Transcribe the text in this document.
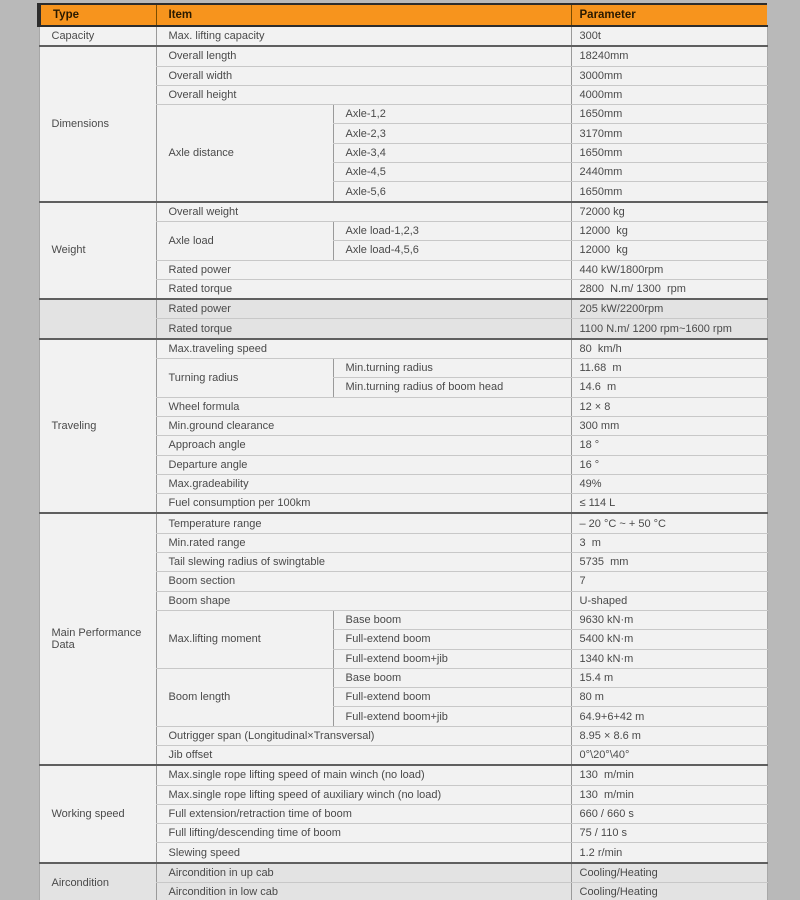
Type	Item		Parameter
Capacity	Max. lifting capacity		300t
Dimensions	Overall length		18240mm
	Overall width		3000mm
	Overall height		4000mm
	Axle distance	Axle-1,2	1650mm
		Axle-2,3	3170mm
		Axle-3,4	1650mm
		Axle-4,5	2440mm
		Axle-5,6	1650mm
Weight	Overall weight		72000 kg
	Axle load	Axle load-1,2,3	12000  kg
		Axle load-4,5,6	12000  kg
	Rated power		440 kW/1800rpm
	Rated torque		2800  N.m/ 1300  rpm
	Rated power		205 kW/2200rpm
	Rated torque		1100 N.m/ 1200 rpm~1600 rpm
Traveling	Max.traveling speed		80  km/h
	Turning radius	Min.turning radius	11.68  m
		Min.turning radius of boom head	14.6  m
	Wheel formula		12 × 8
	Min.ground clearance		300 mm
	Approach angle		18 °
	Departure angle		16 °
	Max.gradeability		49%
	Fuel consumption per 100km		≤ 114 L
Main Performance Data	Temperature range		– 20 °C ~ + 50 °C
	Min.rated range		3  m
	Tail slewing radius of swingtable		5735  mm
	Boom section		7
	Boom shape		U-shaped
	Max.lifting moment	Base boom	9630 kN·m
		Full-extend boom	5400 kN·m
		Full-extend boom+jib	1340 kN·m
	Boom length	Base boom	15.4 m
		Full-extend boom	80 m
		Full-extend boom+jib	64.9+6+42 m
	Outrigger span (Longitudinal×Transversal)		8.95 × 8.6 m
	Jib offset		0°\20°\40°
Working speed	Max.single rope lifting speed of main winch (no load)		130  m/min
	Max.single rope lifting speed of auxiliary winch (no load)		130  m/min
	Full extension/retraction time of boom		660 / 660 s
	Full lifting/descending time of boom		75 / 110 s
	Slewing speed		1.2 r/min
Aircondition	Aircondition in up cab		Cooling/Heating
	Aircondition in low cab		Cooling/Heating
